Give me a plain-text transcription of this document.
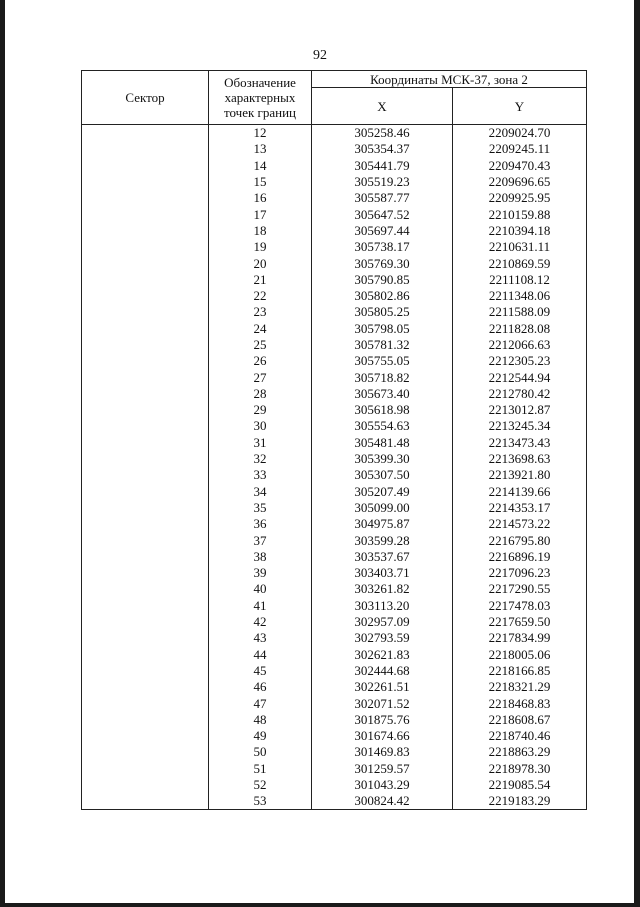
92
Сектор	Обозначение характерных точек границ	Координаты МСК-37, зона 2	
		X	Y
	12	305258.46	2209024.70
	13	305354.37	2209245.11
	14	305441.79	2209470.43
	15	305519.23	2209696.65
	16	305587.77	2209925.95
	17	305647.52	2210159.88
	18	305697.44	2210394.18
	19	305738.17	2210631.11
	20	305769.30	2210869.59
	21	305790.85	2211108.12
	22	305802.86	2211348.06
	23	305805.25	2211588.09
	24	305798.05	2211828.08
	25	305781.32	2212066.63
	26	305755.05	2212305.23
	27	305718.82	2212544.94
	28	305673.40	2212780.42
	29	305618.98	2213012.87
	30	305554.63	2213245.34
	31	305481.48	2213473.43
	32	305399.30	2213698.63
	33	305307.50	2213921.80
	34	305207.49	2214139.66
	35	305099.00	2214353.17
	36	304975.87	2214573.22
	37	303599.28	2216795.80
	38	303537.67	2216896.19
	39	303403.71	2217096.23
	40	303261.82	2217290.55
	41	303113.20	2217478.03
	42	302957.09	2217659.50
	43	302793.59	2217834.99
	44	302621.83	2218005.06
	45	302444.68	2218166.85
	46	302261.51	2218321.29
	47	302071.52	2218468.83
	48	301875.76	2218608.67
	49	301674.66	2218740.46
	50	301469.83	2218863.29
	51	301259.57	2218978.30
	52	301043.29	2219085.54
	53	300824.42	2219183.29
